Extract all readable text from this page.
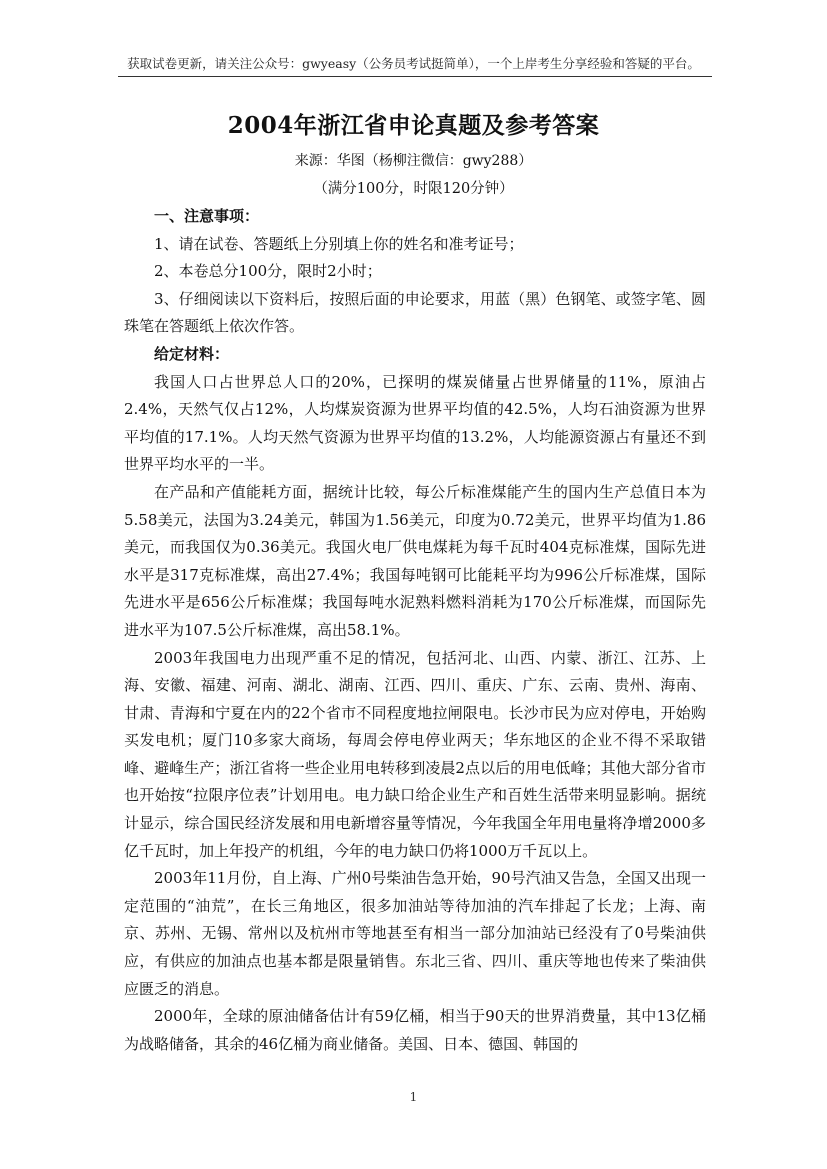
获取试卷更新，请关注公众号：gwyeasy（公务员考试挺简单），一个上岸考生分享经验和答疑的平台。
2004年浙江省申论真题及参考答案
来源：华图（杨柳注微信：gwy288）
（满分100分，时限120分钟）

一、注意事项：

1、请在试卷、答题纸上分别填上你的姓名和准考证号；

2、本卷总分100分，限时2小时；

3、仔细阅读以下资料后，按照后面的申论要求，用蓝（黑）色钢笔、或签字笔、圆珠笔在答题纸上依次作答。

给定材料：

我国人口占世界总人口的20%，已探明的煤炭储量占世界储量的11%，原油占2.4%，天然气仅占12%，人均煤炭资源为世界平均值的42.5%，人均石油资源为世界平均值的17.1%。人均天然气资源为世界平均值的13.2%，人均能源资源占有量还不到世界平均水平的一半。

在产品和产值能耗方面，据统计比较，每公斤标准煤能产生的国内生产总值日本为5.58美元，法国为3.24美元，韩国为1.56美元，印度为0.72美元，世界平均值为1.86美元，而我国仅为0.36美元。我国火电厂供电煤耗为每千瓦时404克标准煤，国际先进水平是317克标准煤，高出27.4%；我国每吨钢可比能耗平均为996公斤标准煤，国际先进水平是656公斤标准煤；我国每吨水泥熟料燃料消耗为170公斤标准煤，而国际先进水平为107.5公斤标准煤，高出58.1%。

2003年我国电力出现严重不足的情况，包括河北、山西、内蒙、浙江、江苏、上海、安徽、福建、河南、湖北、湖南、江西、四川、重庆、广东、云南、贵州、海南、甘肃、青海和宁夏在内的22个省市不同程度地拉闸限电。长沙市民为应对停电，开始购买发电机；厦门10多家大商场，每周会停电停业两天；华东地区的企业不得不采取错峰、避峰生产；浙江省将一些企业用电转移到凌晨2点以后的用电低峰；其他大部分省市也开始按“拉限序位表”计划用电。电力缺口给企业生产和百姓生活带来明显影响。据统计显示，综合国民经济发展和用电新增容量等情况，今年我国全年用电量将净增2000多亿千瓦时，加上年投产的机组，今年的电力缺口仍将1000万千瓦以上。

2003年11月份，自上海、广州0号柴油告急开始，90号汽油又告急，全国又出现一定范围的“油荒”，在长三角地区，很多加油站等待加油的汽车排起了长龙；上海、南京、苏州、无锡、常州以及杭州市等地甚至有相当一部分加油站已经没有了0号柴油供应，有供应的加油点也基本都是限量销售。东北三省、四川、重庆等地也传来了柴油供应匮乏的消息。

2000年，全球的原油储备估计有59亿桶，相当于90天的世界消费量，其中13亿桶为战略储备，其余的46亿桶为商业储备。美国、日本、德国、韩国的

1
